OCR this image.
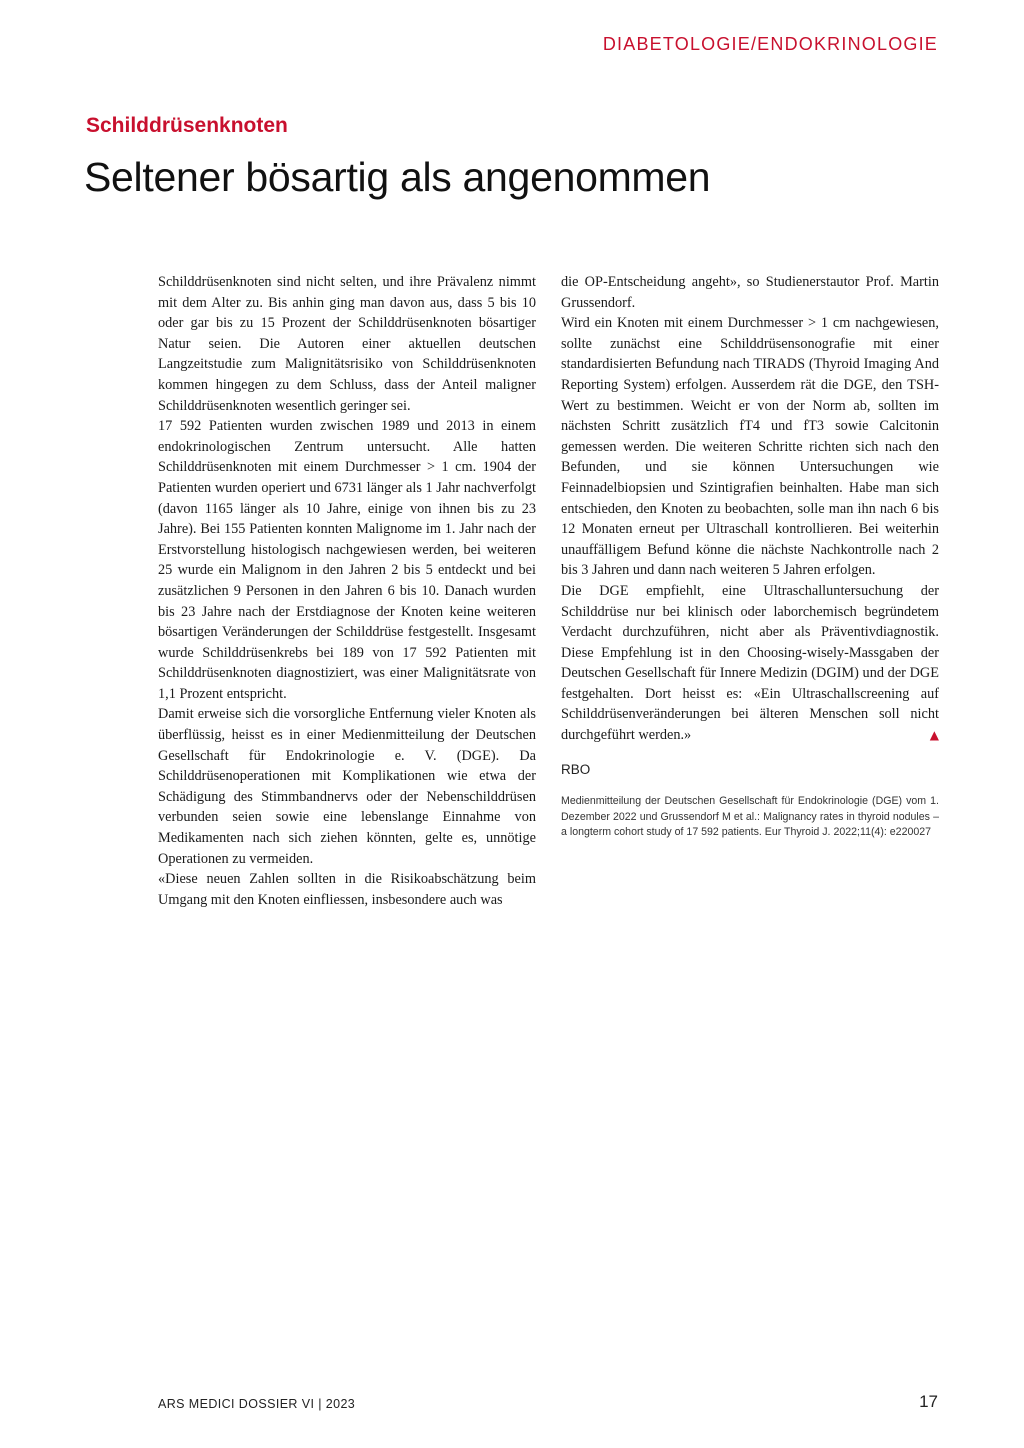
DIABETOLOGIE/ENDOKRINOLOGIE
Schilddrüsenknoten
Seltener bösartig als angenommen

Schilddrüsenknoten sind nicht selten, und ihre Prävalenz nimmt mit dem Alter zu. Bis anhin ging man davon aus, dass 5 bis 10 oder gar bis zu 15 Prozent der Schilddrüsenknoten bösartiger Natur seien. Die Autoren einer aktuellen deutschen Langzeitstudie zum Malignitätsrisiko von Schilddrüsenknoten kommen hingegen zu dem Schluss, dass der Anteil maligner Schilddrüsenknoten wesentlich geringer sei.

17 592 Patienten wurden zwischen 1989 und 2013 in einem endokrinologischen Zentrum untersucht. Alle hatten Schilddrüsenknoten mit einem Durchmesser > 1 cm. 1904 der Patienten wurden operiert und 6731 länger als 1 Jahr nachverfolgt (davon 1165 länger als 10 Jahre, einige von ihnen bis zu 23 Jahre). Bei 155 Patienten konnten Malignome im 1. Jahr nach der Erstvorstellung histologisch nachgewiesen werden, bei weiteren 25 wurde ein Malignom in den Jahren 2 bis 5 entdeckt und bei zusätzlichen 9 Personen in den Jahren 6 bis 10. Danach wurden bis 23 Jahre nach der Erstdiagnose der Knoten keine weiteren bösartigen Veränderungen der Schilddrüse festgestellt. Insgesamt wurde Schilddrüsenkrebs bei 189 von 17 592 Patienten mit Schilddrüsenknoten diagnostiziert, was einer Malignitätsrate von 1,1 Prozent entspricht.

Damit erweise sich die vorsorgliche Entfernung vieler Knoten als überflüssig, heisst es in einer Medienmitteilung der Deutschen Gesellschaft für Endokrinologie e. V. (DGE). Da Schilddrüsenoperationen mit Komplikationen wie etwa der Schädigung des Stimmbandnervs oder der Nebenschilddrüsen verbunden seien sowie eine lebenslange Einnahme von Medikamenten nach sich ziehen könnten, gelte es, unnötige Operationen zu vermeiden.

«Diese neuen Zahlen sollten in die Risikoabschätzung beim Umgang mit den Knoten einfliessen, insbesondere auch was

die OP-Entscheidung angeht», so Studienerstautor Prof. Martin Grussendorf.

Wird ein Knoten mit einem Durchmesser > 1 cm nachgewiesen, sollte zunächst eine Schilddrüsensonografie mit einer standardisierten Befundung nach TIRADS (Thyroid Imaging And Reporting System) erfolgen. Ausserdem rät die DGE, den TSH-Wert zu bestimmen. Weicht er von der Norm ab, sollten im nächsten Schritt zusätzlich fT4 und fT3 sowie Calcitonin gemessen werden. Die weiteren Schritte richten sich nach den Befunden, und sie können Untersuchungen wie Feinnadelbiopsien und Szintigrafien beinhalten. Habe man sich entschieden, den Knoten zu beobachten, solle man ihn nach 6 bis 12 Monaten erneut per Ultraschall kontrollieren. Bei weiterhin unauffälligem Befund könne die nächste Nachkontrolle nach 2 bis 3 Jahren und dann nach weiteren 5 Jahren erfolgen.

Die DGE empfiehlt, eine Ultraschalluntersuchung der Schilddrüse nur bei klinisch oder laborchemisch begründetem Verdacht durchzuführen, nicht aber als Präventivdiagnostik. Diese Empfehlung ist in den Choosing-wisely-Massgaben der Deutschen Gesellschaft für Innere Medizin (DGIM) und der DGE festgehalten. Dort heisst es: «Ein Ultraschallscreening auf Schilddrüsenveränderungen bei älteren Menschen soll nicht durchgeführt werden.»	▲

RBO
Medienmitteilung der Deutschen Gesellschaft für Endokrinologie (DGE) vom 1. Dezember 2022 und Grussendorf M et al.: Malignancy rates in thyroid nodules – a longterm cohort study of 17 592 patients. Eur Thyroid J. 2022;11(4): e220027
ARS MEDICI DOSSIER VI | 2023	17
